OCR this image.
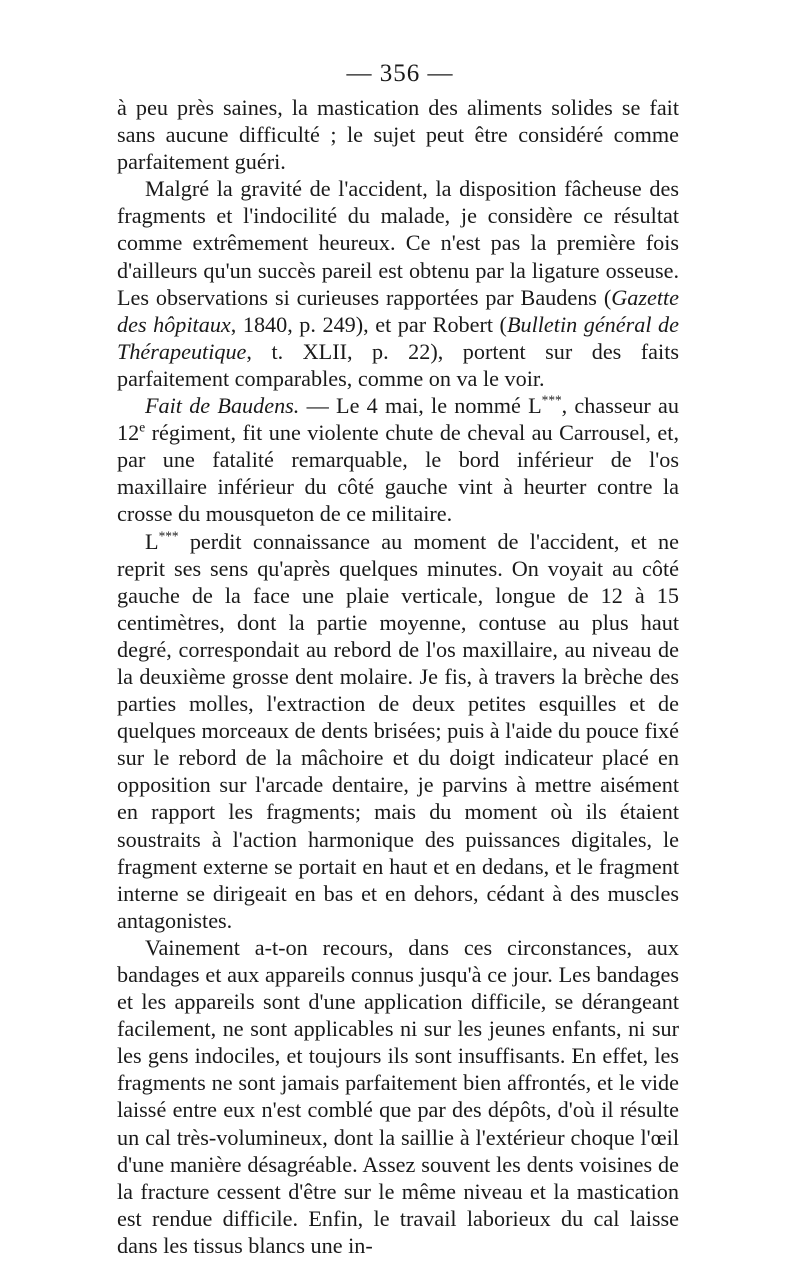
— 356 —

à peu près saines, la mastication des aliments solides se fait sans aucune difficulté ; le sujet peut être considéré comme parfaitement guéri.

Malgré la gravité de l'accident, la disposition fâcheuse des fragments et l'indocilité du malade, je considère ce résultat comme extrêmement heureux. Ce n'est pas la première fois d'ailleurs qu'un succès pareil est obtenu par la ligature osseuse. Les observations si curieuses rapportées par Baudens (Gazette des hôpitaux, 1840, p. 249), et par Robert (Bulletin général de Thérapeutique, t. XLII, p. 22), portent sur des faits parfaitement comparables, comme on va le voir.

Fait de Baudens. — Le 4 mai, le nommé L***, chasseur au 12e régiment, fit une violente chute de cheval au Carrousel, et, par une fatalité remarquable, le bord inférieur de l'os maxillaire inférieur du côté gauche vint à heurter contre la crosse du mousqueton de ce militaire.

L*** perdit connaissance au moment de l'accident, et ne reprit ses sens qu'après quelques minutes. On voyait au côté gauche de la face une plaie verticale, longue de 12 à 15 centimètres, dont la partie moyenne, contuse au plus haut degré, correspondait au rebord de l'os maxillaire, au niveau de la deuxième grosse dent molaire. Je fis, à travers la brèche des parties molles, l'extraction de deux petites esquilles et de quelques morceaux de dents brisées; puis à l'aide du pouce fixé sur le rebord de la mâchoire et du doigt indicateur placé en opposition sur l'arcade dentaire, je parvins à mettre aisément en rapport les fragments; mais du moment où ils étaient soustraits à l'action harmonique des puissances digitales, le fragment externe se portait en haut et en dedans, et le fragment interne se dirigeait en bas et en dehors, cédant à des muscles antagonistes.

Vainement a-t-on recours, dans ces circonstances, aux bandages et aux appareils connus jusqu'à ce jour. Les bandages et les appareils sont d'une application difficile, se dérangeant facilement, ne sont applicables ni sur les jeunes enfants, ni sur les gens indociles, et toujours ils sont insuffisants. En effet, les fragments ne sont jamais parfaitement bien affrontés, et le vide laissé entre eux n'est comblé que par des dépôts, d'où il résulte un cal très-volumineux, dont la saillie à l'extérieur choque l'œil d'une manière désagréable. Assez souvent les dents voisines de la fracture cessent d'être sur le même niveau et la mastication est rendue difficile. Enfin, le travail laborieux du cal laisse dans les tissus blancs une in-
